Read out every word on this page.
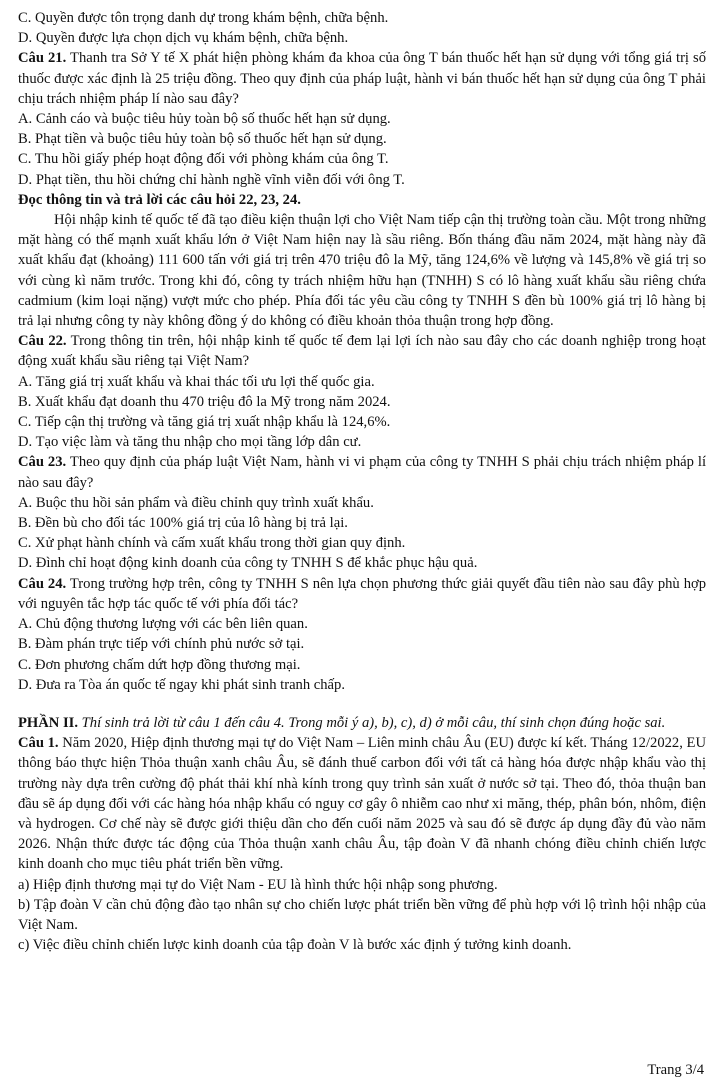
C. Quyền được tôn trọng danh dự trong khám bệnh, chữa bệnh.

D. Quyền được lựa chọn dịch vụ khám bệnh, chữa bệnh.

Câu 21. Thanh tra Sở Y tế X phát hiện phòng khám đa khoa của ông T bán thuốc hết hạn sử dụng với tổng giá trị số thuốc được xác định là 25 triệu đồng. Theo quy định của pháp luật, hành vi bán thuốc hết hạn sử dụng của ông T phải chịu trách nhiệm pháp lí nào sau đây?

A. Cảnh cáo và buộc tiêu hủy toàn bộ số thuốc hết hạn sử dụng.

B. Phạt tiền và buộc tiêu hủy toàn bộ số thuốc hết hạn sử dụng.

C. Thu hồi giấy phép hoạt động đối với phòng khám của ông T.

D. Phạt tiền, thu hồi chứng chỉ hành nghề vĩnh viễn đối với ông T.

Đọc thông tin và trả lời các câu hỏi 22, 23, 24.

Hội nhập kinh tế quốc tế đã tạo điều kiện thuận lợi cho Việt Nam tiếp cận thị trường toàn cầu. Một trong những mặt hàng có thế mạnh xuất khẩu lớn ở Việt Nam hiện nay là sầu riêng. Bốn tháng đầu năm 2024, mặt hàng này đã xuất khẩu đạt (khoảng) 111 600 tấn với giá trị trên 470 triệu đô la Mỹ, tăng 124,6% về lượng và 145,8% về giá trị so với cùng kì năm trước. Trong khi đó, công ty trách nhiệm hữu hạn (TNHH) S có lô hàng xuất khẩu sầu riêng chứa cadmium (kim loại nặng) vượt mức cho phép. Phía đối tác yêu cầu công ty TNHH S đền bù 100% giá trị lô hàng bị trả lại nhưng công ty này không đồng ý do không có điều khoản thỏa thuận trong hợp đồng.

Câu 22. Trong thông tin trên, hội nhập kinh tế quốc tế đem lại lợi ích nào sau đây cho các doanh nghiệp trong hoạt động xuất khẩu sầu riêng tại Việt Nam?

A. Tăng giá trị xuất khẩu và khai thác tối ưu lợi thế quốc gia.

B. Xuất khẩu đạt doanh thu 470 triệu đô la Mỹ trong năm 2024.

C. Tiếp cận thị trường và tăng giá trị xuất nhập khẩu là 124,6%.

D. Tạo việc làm và tăng thu nhập cho mọi tầng lớp dân cư.

Câu 23. Theo quy định của pháp luật Việt Nam, hành vi vi phạm của công ty TNHH S phải chịu trách nhiệm pháp lí nào sau đây?

A. Buộc thu hồi sản phẩm và điều chỉnh quy trình xuất khẩu.

B. Đền bù cho đối tác 100% giá trị của lô hàng bị trả lại.

C. Xử phạt hành chính và cấm xuất khẩu trong thời gian quy định.

D. Đình chỉ hoạt động kinh doanh của công ty TNHH S để khắc phục hậu quả.

Câu 24. Trong trường hợp trên, công ty TNHH S nên lựa chọn phương thức giải quyết đầu tiên nào sau đây phù hợp với nguyên tắc hợp tác quốc tế với phía đối tác?

A. Chủ động thương lượng với các bên liên quan.

B. Đàm phán trực tiếp với chính phủ nước sở tại.

C. Đơn phương chấm dứt hợp đồng thương mại.

D. Đưa ra Tòa án quốc tế ngay khi phát sinh tranh chấp.

PHẦN II. Thí sinh trả lời từ câu 1 đến câu 4. Trong mỗi ý a), b), c), d) ở mỗi câu, thí sinh chọn đúng hoặc sai.

Câu 1. Năm 2020, Hiệp định thương mại tự do Việt Nam – Liên minh châu Âu (EU) được kí kết. Tháng 12/2022, EU thông báo thực hiện Thỏa thuận xanh châu Âu, sẽ đánh thuế carbon đối với tất cả hàng hóa được nhập khẩu vào thị trường này dựa trên cường độ phát thải khí nhà kính trong quy trình sản xuất ở nước sở tại. Theo đó, thỏa thuận ban đầu sẽ áp dụng đối với các hàng hóa nhập khẩu có nguy cơ gây ô nhiễm cao như xi măng, thép, phân bón, nhôm, điện và hydrogen. Cơ chế này sẽ được giới thiệu dần cho đến cuối năm 2025 và sau đó sẽ được áp dụng đầy đủ vào năm 2026. Nhận thức được tác động của Thỏa thuận xanh châu Âu, tập đoàn V đã nhanh chóng điều chỉnh chiến lược kinh doanh cho mục tiêu phát triển bền vững.

a) Hiệp định thương mại tự do Việt Nam - EU là hình thức hội nhập song phương.

b) Tập đoàn V cần chủ động đào tạo nhân sự cho chiến lược phát triển bền vững để phù hợp với lộ trình hội nhập của Việt Nam.

c) Việc điều chỉnh chiến lược kinh doanh của tập đoàn V là bước xác định ý tưởng kinh doanh.

Trang 3/4
